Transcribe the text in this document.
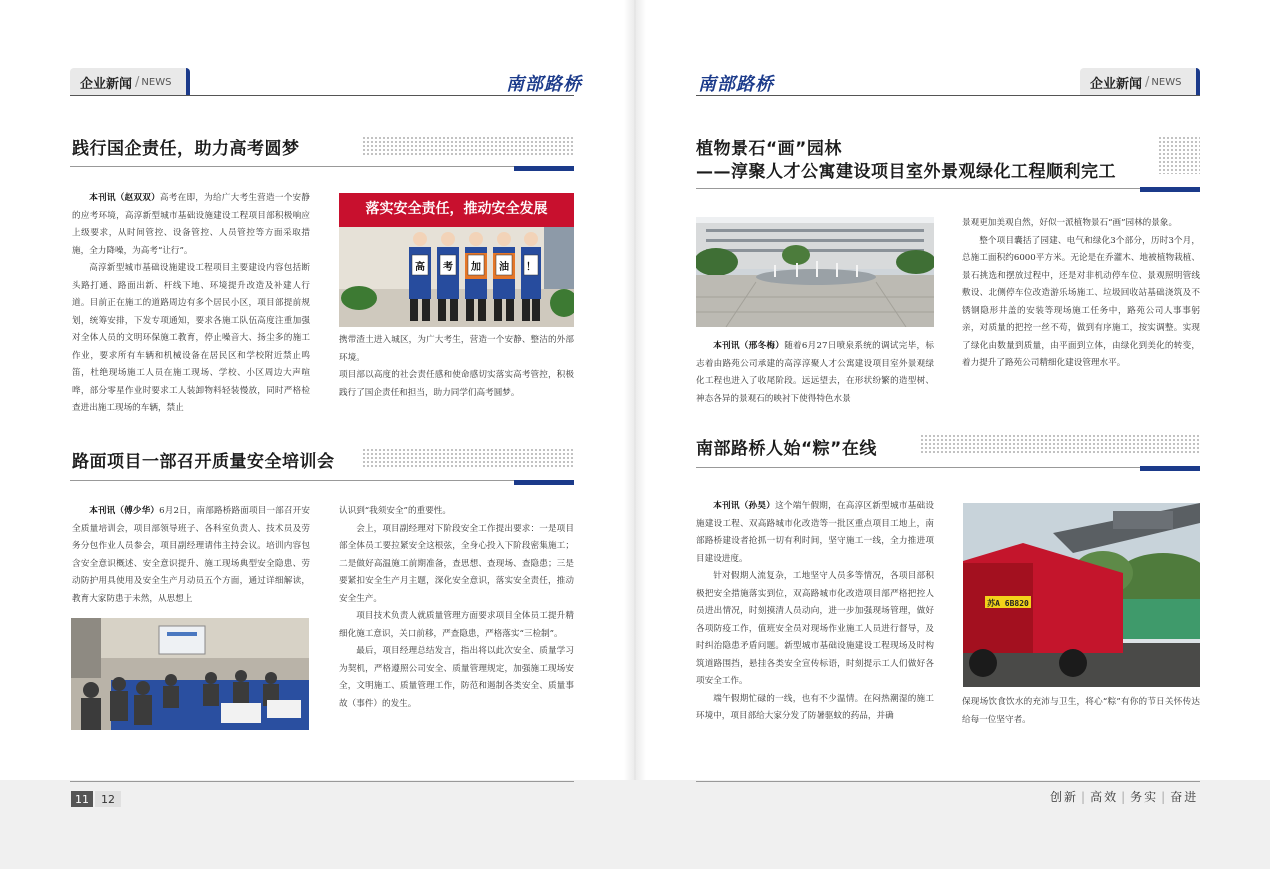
企业新闻 / NEWS	南部路桥
践行国企责任，助力高考圆梦

本刊讯（赵双双）高考在即，为给广大考生营造一个安静的应考环境，高淳新型城市基础设施建设工程项目部积极响应上级要求，从时间管控、设备管控、人员管控等方面采取措施，全力降噪，为高考“让行”。

高淳新型城市基础设施建设工程项目主要建设内容包括断头路打通、路面出新、杆线下地、环境提升改造及补建人行道。目前正在施工的道路周边有多个居民小区，项目部提前规划，统筹安排，下发专项通知，要求各施工队伍高度注重加强对全体人员的文明环保施工教育，停止噪音大、扬尘多的施工作业，要求所有车辆和机械设备在居民区和学校附近禁止鸣笛，杜绝现场施工人员在施工现场、学校、小区周边大声喧哗，部分零星作业时要求工人装卸物料轻装慢放，同时严格检查进出施工现场的车辆，禁止

落实安全责任，推动安全发展
高	考	加	油	！

携带渣土进入城区，为广大考生，营造一个安静、整洁的外部环境。

项目部以高度的社会责任感和使命感切实落实高考管控，积极践行了国企责任和担当，助力同学们高考圆梦。

路面项目一部召开质量安全培训会

本刊讯（傅少华）6月2日，南部路桥路面项目一部召开安全质量培训会，项目部领导班子、各科室负责人、技术员及劳务分包作业人员参会，项目副经理请伟主持会议。培训内容包含安全意识概述、安全意识提升、施工现场典型安全隐患、劳动防护用具使用及安全生产月动员五个方面，通过详细解读，教育大家防患于未然，从思想上

认识到“我须安全”的重要性。

会上，项目副经理对下阶段安全工作提出要求：一是项目部全体员工要拉紧安全这根弦，全身心投入下阶段密集施工；二是做好高温施工前期准备，查思想、查现场、查隐患；三是要紧扣安全生产月主题，深化安全意识，落实安全责任，推动安全生产。

项目技术负责人就质量管理方面要求项目全体员工提升精细化施工意识，关口前移，严查隐患，严格落实“三检制”。

最后，项目经理总结发言，指出将以此次安全、质量学习为契机，严格遵照公司安全、质量管理规定，加强施工现场安全，文明施工、质量管理工作，防范和遏制各类安全、质量事故（事件）的发生。

南部路桥	企业新闻 / NEWS
植物景石“画”园林
——淳聚人才公寓建设项目室外景观绿化工程顺利完工

本刊讯（邢冬梅）随着6月27日喷泉系统的调试完毕，标志着由路苑公司承建的高淳淳聚人才公寓建设项目室外景观绿化工程也进入了收尾阶段。远远望去，在形状纷繁的造型树、神态各异的景观石的映衬下使得特色水景

景观更加美观自然，好似一派植物景石“画”园林的景象。

整个项目囊括了园建、电气和绿化3个部分，历时3个月，总施工面积约6000平方米。无论是在乔灌木、地被植物栽植、景石挑选和摆放过程中，还是对非机动停车位、景观照明管线敷设、北侧停车位改造游乐场施工、垃圾回收站基础浇筑及不锈钢隐形井盖的安装等现场施工任务中，路苑公司人事事躬亲，对质量的把控一丝不苟，做到有序施工，按实调整。实现了绿化由数量到质量，由平面到立体，由绿化到美化的转变，着力提升了路苑公司精细化建设管理水平。

南部路桥人始“粽”在线

本刊讯（孙昊）这个端午假期，在高淳区新型城市基础设施建设工程、双高路城市化改造等一批区重点项目工地上，南部路桥建设者抢抓一切有利时间，坚守施工一线，全力推进项目建设进度。

针对假期人流复杂，工地坚守人员多等情况，各项目部积极把安全措施落实到位，双高路城市化改造项目部严格把控人员进出情况，时刻摸清人员动向，进一步加强现场管理，做好各项防疫工作，值班安全员对现场作业施工人员进行督导，及时纠治隐患矛盾问题。新型城市基础设施建设工程现场及时构筑道路围挡，悬挂各类安全宣传标语，时刻提示工人们做好各项安全工作。

端午假期忙碌的一线，也有不少温情。在闷热潮湿的施工环境中，项目部给大家分发了防暑驱蚊的药品，并确

苏A 6B820

保现场饮食饮水的充沛与卫生，将心“粽”有你的节日关怀传达给每一位坚守者。

11	12	创新 | 高效 | 务实 | 奋进
